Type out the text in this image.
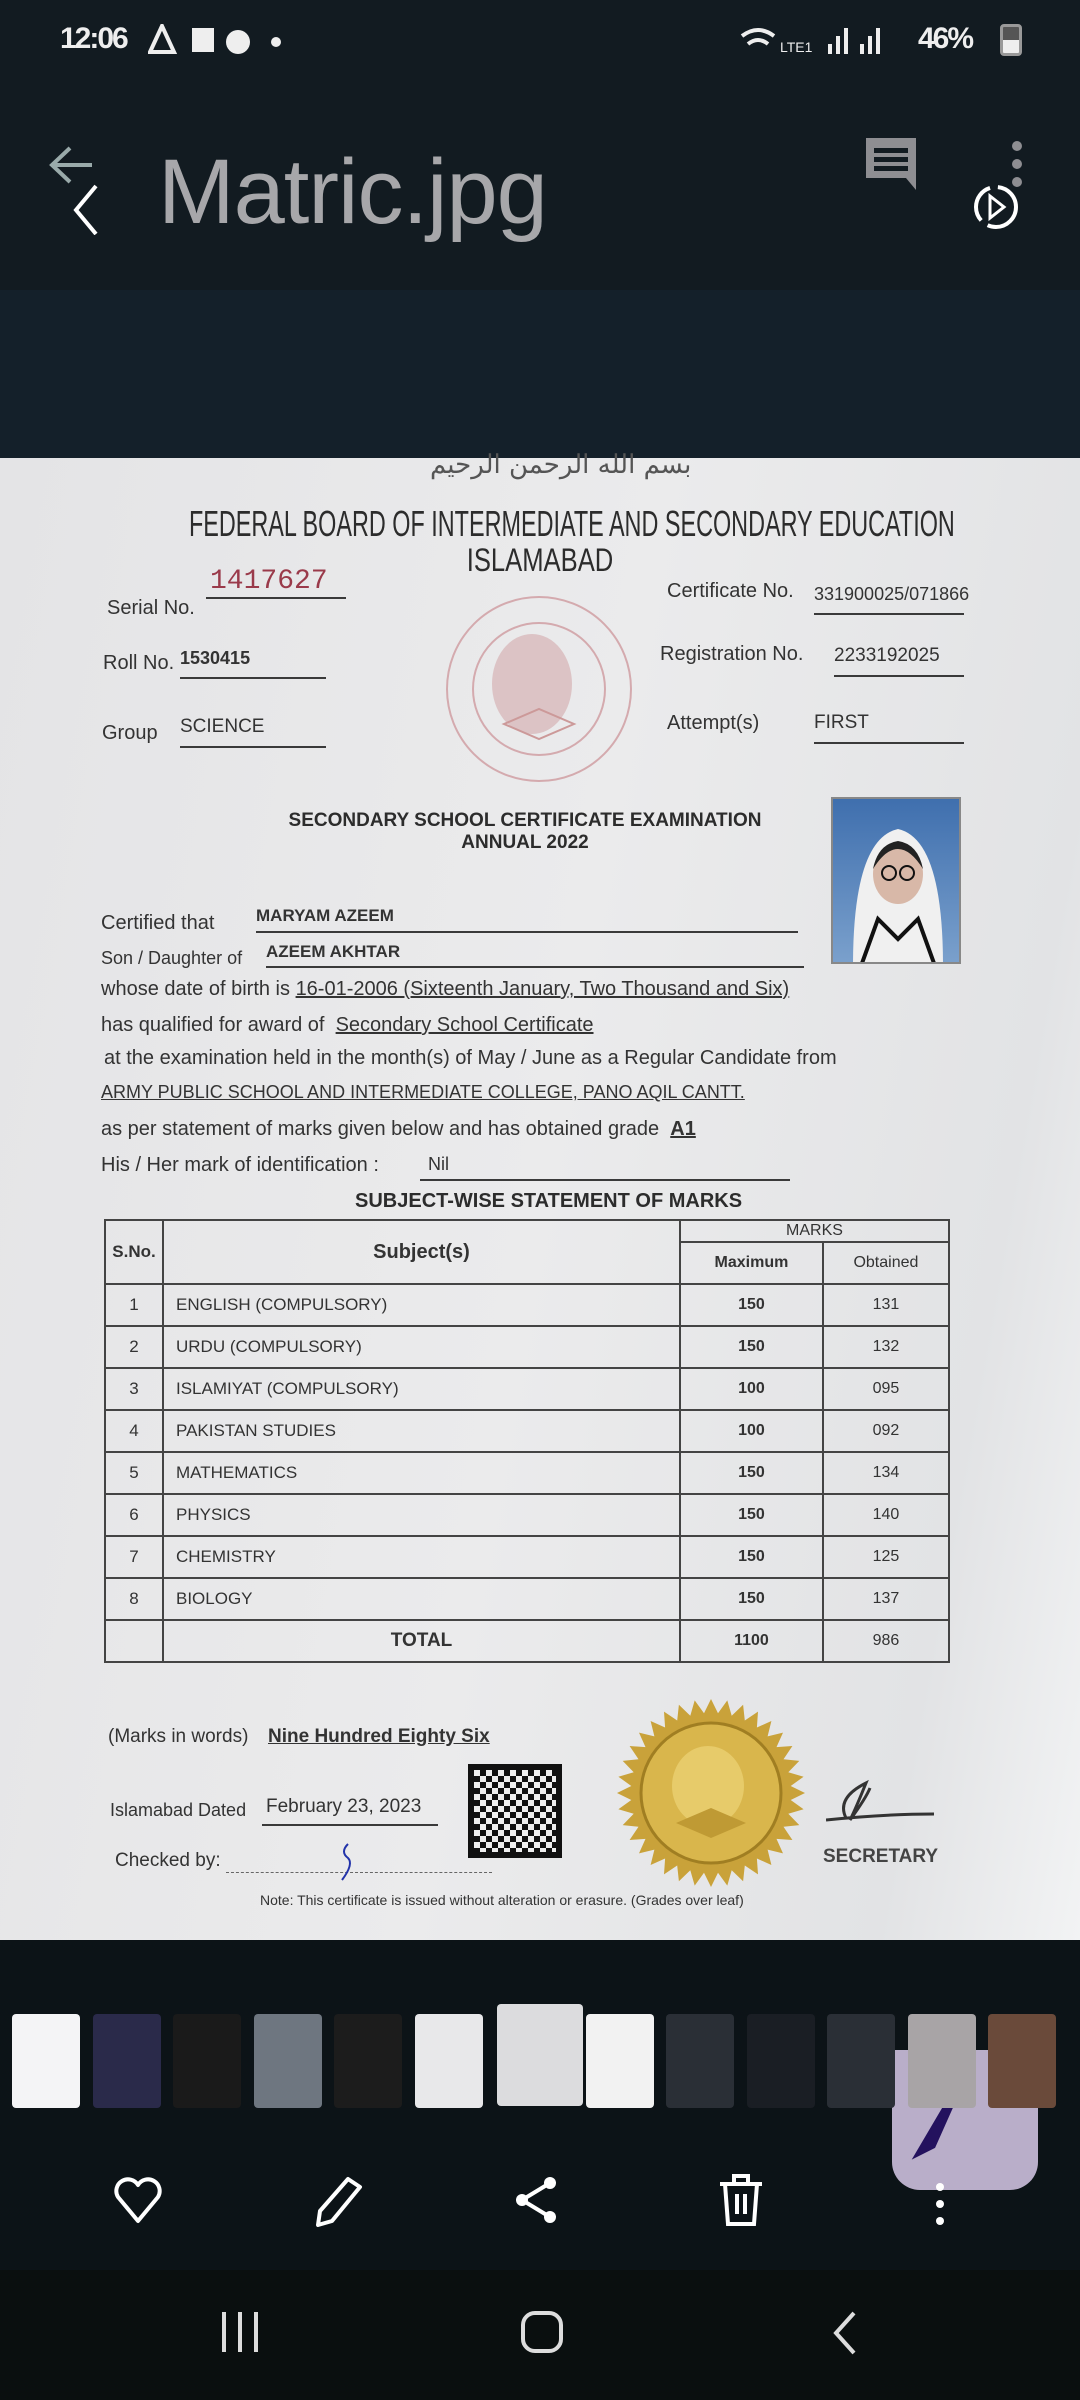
12:06	LTE1	46%
Matric.jpg
بسم الله الرحمن الرحيم
FEDERAL BOARD OF INTERMEDIATE AND SECONDARY EDUCATION
ISLAMABAD
Serial No.
1417627	Certificate No. 331900025/071866
Roll No. 1530415	Registration No. 2233192025
Group SCIENCE	Attempt(s)	FIRST
SECONDARY SCHOOL CERTIFICATE EXAMINATION
ANNUAL 2022
Certified that MARYAM AZEEM
Son / Daughter of AZEEM AKHTAR
whose date of birth is 16-01-2006 (Sixteenth January, Two Thousand and Six)
has qualified for award of Secondary School Certificate
at the examination held in the month(s) of May / June as a Regular Candidate from
ARMY PUBLIC SCHOOL AND INTERMEDIATE COLLEGE, PANO AQIL CANTT.
as per statement of marks given below and has obtained grade A1
His / Her mark of identification :	Nil
SUBJECT-WISE STATEMENT OF MARKS
S.No.	Subject(s)	MARKS	
		Maximum	Obtained
1	ENGLISH (COMPULSORY)	150	131
2	URDU (COMPULSORY)	150	132
3	ISLAMIYAT (COMPULSORY)	100	095
4	PAKISTAN STUDIES	100	092
5	MATHEMATICS	150	134
6	PHYSICS	150	140
7	CHEMISTRY	150	125
8	BIOLOGY	150	137
	TOTAL	1100	986
(Marks in words) Nine Hundred Eighty Six
Islamabad Dated February 23, 2023
Checked by:	SECRETARY
Note: This certificate is issued without alteration or erasure. (Grades over leaf)
